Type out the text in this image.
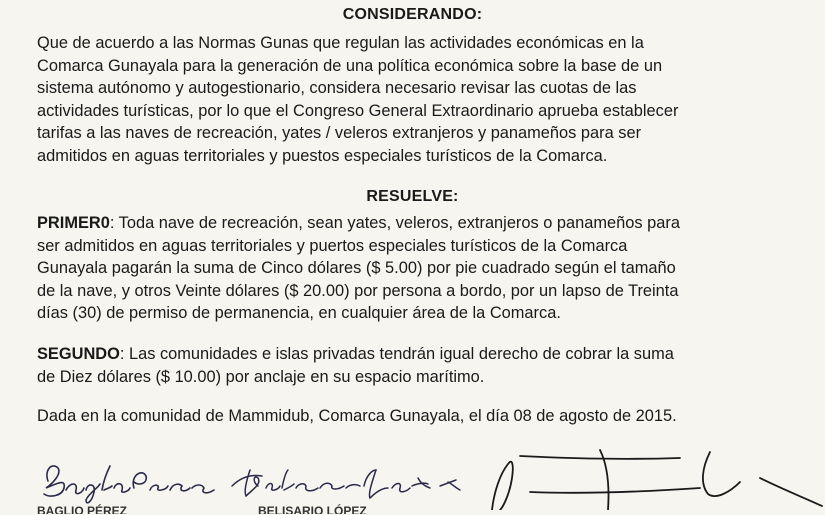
CONSIDERANDO:
Que de acuerdo a las Normas Gunas que regulan las actividades económicas en la
Comarca Gunayala para la generación de una política económica sobre la base de un
sistema autónomo y autogestionario, considera necesario revisar las cuotas de las
actividades turísticas, por lo que el Congreso General Extraordinario aprueba establecer
tarifas a las naves de recreación, yates / veleros extranjeros y panameños para ser
admitidos en aguas territoriales y puestos especiales turísticos de la Comarca.
RESUELVE:
PRIMER0: Toda nave de recreación, sean yates, veleros, extranjeros o panameños para
ser admitidos en aguas territoriales y puertos especiales turísticos de la Comarca
Gunayala pagarán la suma de Cinco dólares ($ 5.00) por pie cuadrado según el tamaño
de la nave, y otros Veinte dólares ($ 20.00) por persona a bordo, por un lapso de Treinta
días (30) de permiso de permanencia, en cualquier área de la Comarca.
SEGUNDO: Las comunidades e islas privadas tendrán igual derecho de cobrar la suma
de Diez dólares ($ 10.00) por anclaje en su espacio marítimo.
Dada en la comunidad de Mammidub, Comarca Gunayala, el día 08 de agosto de 2015.
BAGLIO PÉREZ	BELISARIO LÓPEZ
